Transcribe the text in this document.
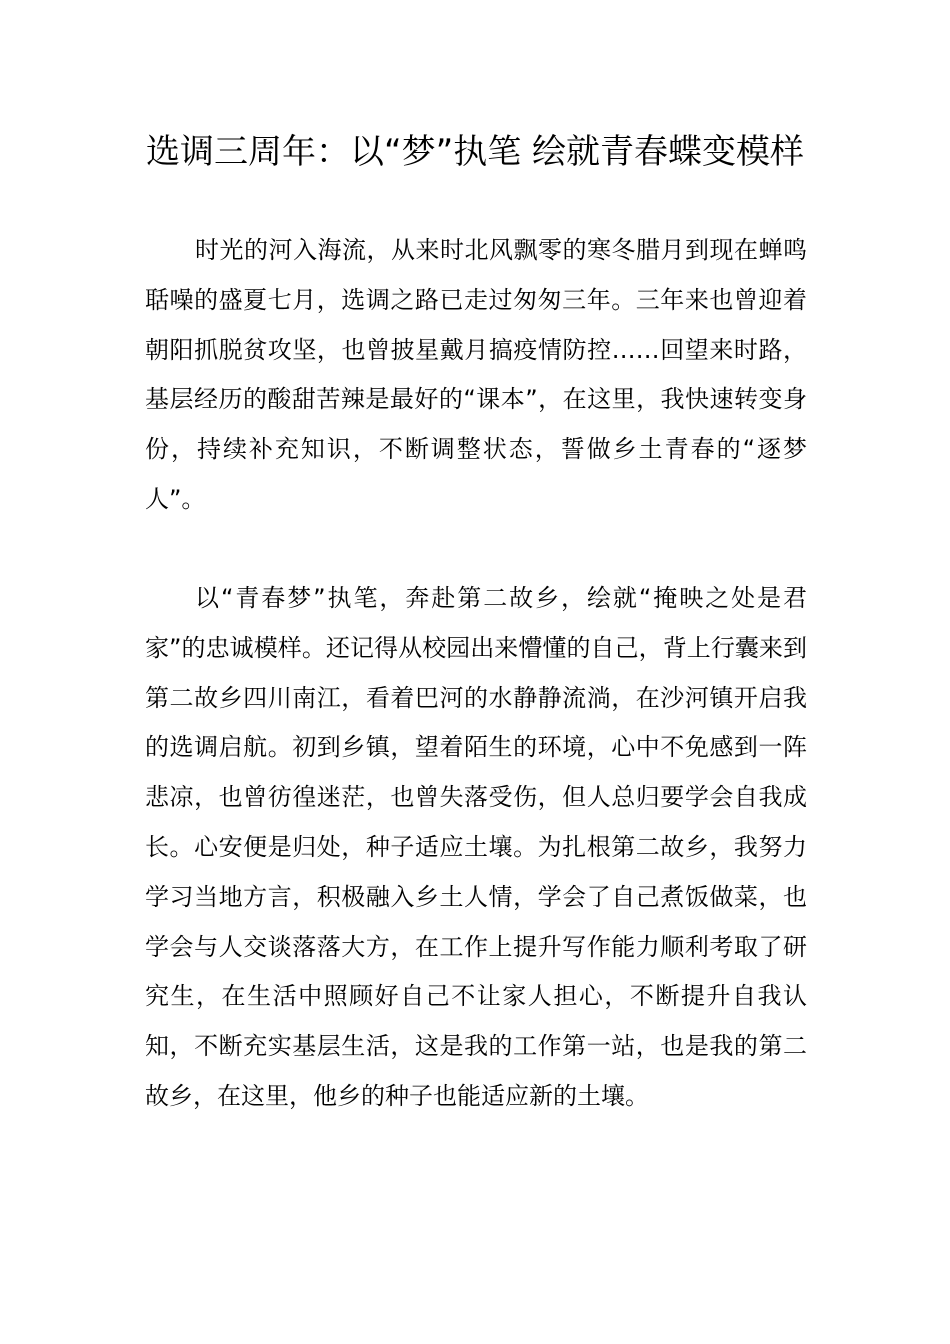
选调三周年：以“梦”执笔 绘就青春蝶变模样

时光的河入海流，从来时北风飘零的寒冬腊月到现在蝉鸣聒噪的盛夏七月，选调之路已走过匆匆三年。三年来也曾迎着朝阳抓脱贫攻坚，也曾披星戴月搞疫情防控……回望来时路，基层经历的酸甜苦辣是最好的“课本”，在这里，我快速转变身份，持续补充知识，不断调整状态，誓做乡土青春的“逐梦人”。

以“青春梦”执笔，奔赴第二故乡，绘就“掩映之处是君家”的忠诚模样。还记得从校园出来懵懂的自己，背上行囊来到第二故乡四川南江，看着巴河的水静静流淌，在沙河镇开启我的选调启航。初到乡镇，望着陌生的环境，心中不免感到一阵悲凉，也曾彷徨迷茫，也曾失落受伤，但人总归要学会自我成长。心安便是归处，种子适应土壤。为扎根第二故乡，我努力学习当地方言，积极融入乡土人情，学会了自己煮饭做菜，也学会与人交谈落落大方，在工作上提升写作能力顺利考取了研究生，在生活中照顾好自己不让家人担心，不断提升自我认知，不断充实基层生活，这是我的工作第一站，也是我的第二故乡，在这里，他乡的种子也能适应新的土壤。
